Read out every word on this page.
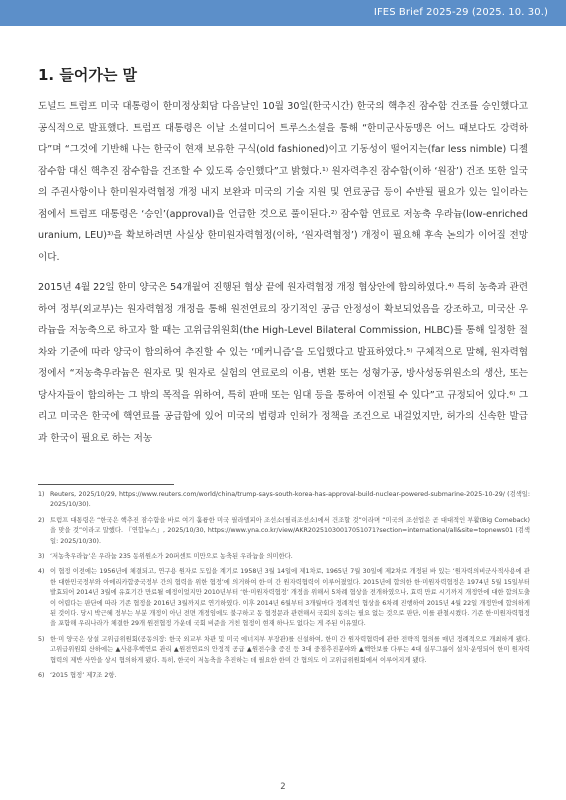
IFES Brief 2025-29 (2025. 10. 30.)
1. 들어가는 말

도널드 트럼프 미국 대통령이 한미정상회담 다음날인 10월 30일(한국시간) 한국의 핵추진 잠수함 건조를 승인했다고 공식적으로 발표했다. 트럼프 대통령은 이날 소셜미디어 트루스소셜을 통해 “한미군사동맹은 어느 때보다도 강력하다”며 “그것에 기반해 나는 한국이 현재 보유한 구식(old fashioned)이고 기동성이 떨어지는(far less nimble) 디젤 잠수함 대신 핵추진 잠수함을 건조할 수 있도록 승인했다”고 밝혔다.¹⁾ 원자력추진 잠수함(이하 ‘원잠’) 건조 또한 일국의 주권사항이나 한미원자력협정 개정 내지 보완과 미국의 기술 지원 및 연료공급 등이 수반될 필요가 있는 일이라는 점에서 트럼프 대통령은 ‘승인’(approval)을 언급한 것으로 풀이된다.²⁾ 잠수함 연료로 저농축 우라늄(low-enriched uranium, LEU)³⁾을 확보하려면 사실상 한미원자력협정(이하, ‘원자력협정’) 개정이 필요해 후속 논의가 이어질 전망이다.

2015년 4월 22일 한미 양국은 54개월여 진행된 협상 끝에 원자력협정 개정 협상안에 합의하였다.⁴⁾ 특히 농축과 관련하여 정부(외교부)는 원자력협정 개정을 통해 원전연료의 장기적인 공급 안정성이 확보되었음을 강조하고, 미국산 우라늄을 저농축으로 하고자 할 때는 고위급위원회(the High-Level Bilateral Commission, HLBC)를 통해 일정한 절차와 기준에 따라 양국이 합의하여 추진할 수 있는 ‘메커니즘’을 도입했다고 발표하였다.⁵⁾ 구체적으로 말해, 원자력협정에서 “저농축우라늄은 원자로 및 원자로 실험의 연료로의 이용, 변환 또는 성형가공, 방사성동위원소의 생산, 또는 당사자들이 합의하는 그 밖의 목적을 위하여, 특히 판매 또는 임대 등을 통하여 이전될 수 있다”고 규정되어 있다.⁶⁾ 그리고 미국은 한국에 핵연료를 공급함에 있어 미국의 법령과 인허가 정책을 조건으로 내걸었지만, 허가의 신속한 발급과 한국이 필요로 하는 저농

1) Reuters, 2025/10/29, https://www.reuters.com/world/china/trump-says-south-korea-has-approval-build-nuclear-powered-submarine-2025-10-29/ (검색일: 2025/10/30).
2) 트럼프 대통령은 “한국은 핵추진 잠수함을 바로 여기 훌륭한 미국 필라델피아 조선소(필리조선소)에서 건조할 것”이라며 “미국의 조선업은 곧 대대적인 부활(Big Comeback)을 맞을 것”이라고 말했다. 『연합뉴스』, 2025/10/30, https://www.yna.co.kr/view/AKR20251030017051071?section=international/all&site=topnews01 (검색일: 2025/10/30).
3) ‘저농축우라늄’은 우라늄 235 동위원소가 20퍼센트 미만으로 농축된 우라늄을 의미한다.
4) 이 협정 이전에는 1956년에 체결되고, 연구용 원자로 도입을 계기로 1958년 3월 14일에 제1차로, 1965년 7월 30일에 제2차로 개정된 바 있는 ‘원자력의비군사적사용에 관한 대한민국정부와 아메리카합중국정부 간의 협력을 위한 협정’에 의거하여 한·미 간 원자력협력이 이루어졌었다. 2015년에 합의한 한·미원자력협정은 1974년 5월 15일부터 발효되어 2014년 3월에 유효기간 만료될 예정이었지만 2010년부터 ‘한·미원자력협정’ 개정을 위해서 5차례 협상을 전개하였으나, 효력 만료 시기까지 개정안에 대한 합의도출이 어렵다는 판단에 따라 기존 협정을 2016년 3월까지로 연기하였다. 이후 2014년 6월부터 3개월마다 정례적인 협상을 6차례 진행하여 2015년 4월 22일 개정안에 합의하게 된 것이다. 당시 박근혜 정부는 부분 개정이 아닌 전면 개정임에도 불구하고 동 협정문과 관련해서 국회의 동의는 필요 없는 것으로 판단, 이를 관철시켰다. 기존 한·미원자력협정을 포함해 우리나라가 체결한 29개 원전협정 가운데 국회 비준을 거친 협정이 현재 하나도 없다는 게 주된 이유였다.
5) 한·미 양국은 상설 고위급위원회(공동의장: 한국 외교부 차관 및 미국 에너지부 부장관)를 신설하여, 한미 간 원자력협력에 관한 전략적 협의를 매년 정례적으로 개최하게 됐다. 고위급위원회 산하에는 ▲사용후핵연료 관리 ▲원전연료의 안정적 공급 ▲원전수출 증진 등 3대 중점추진분야와 ▲핵안보를 다루는 4대 실무그룹이 설치·운영되어 한미 원자력 협력의 제반 사안을 상시 협의하게 됐다. 특히, 한국이 저농축을 추진하는 데 필요한 한미 간 협의도 이 고위급위원회에서 이루어지게 됐다.
6) ‘2015 협정’ 제7조 2항.
2
